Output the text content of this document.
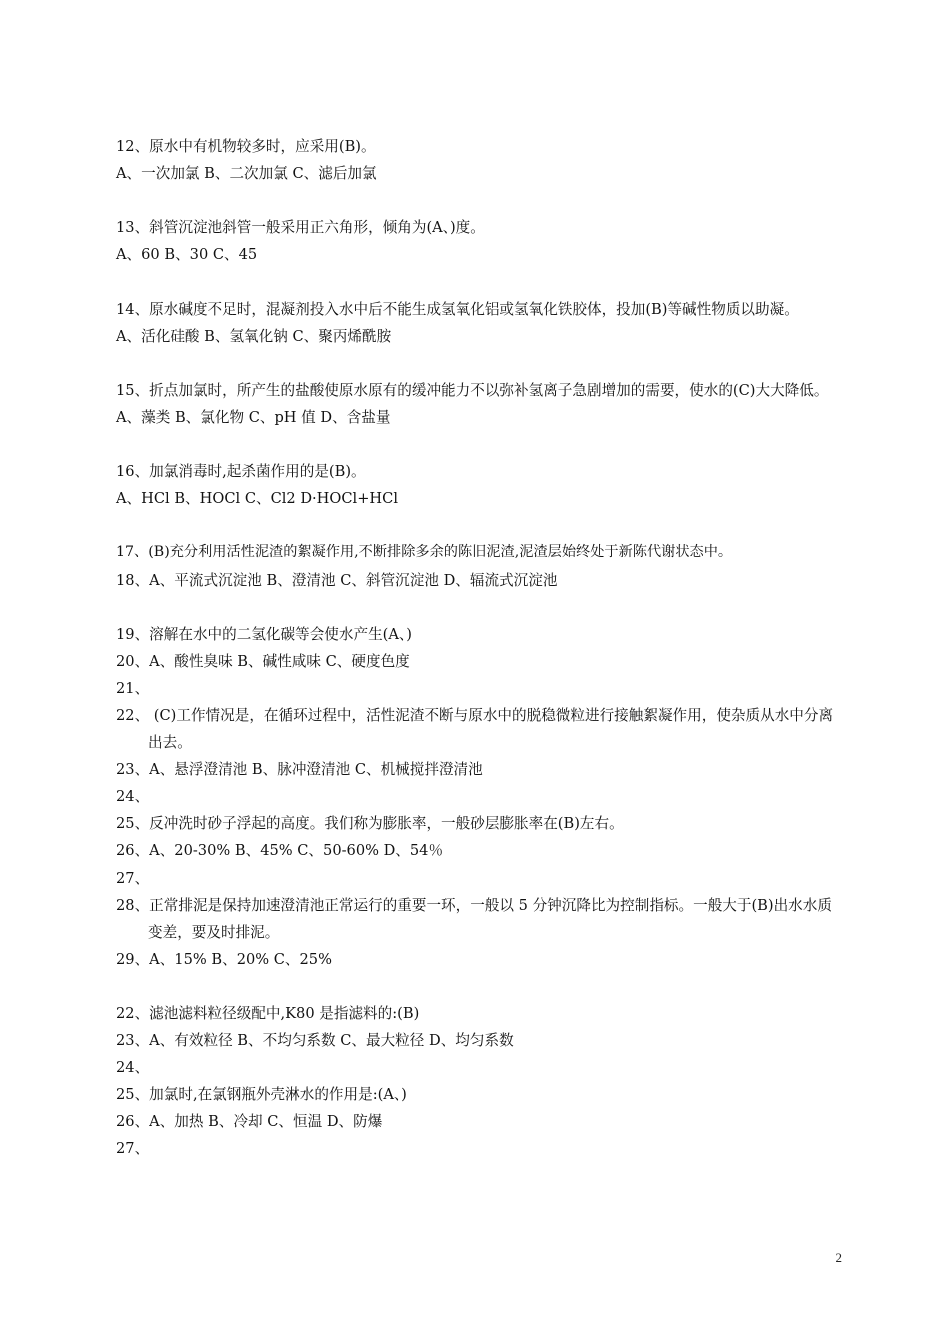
12、原水中有机物较多时，应采用(B)。
A、一次加氯 B、二次加氯 C、滤后加氯
13、斜管沉淀池斜管一般采用正六角形，倾角为(A、)度。
A、60 B、30 C、45
14、原水碱度不足时，混凝剂投入水中后不能生成氢氧化铝或氢氧化铁胶体，投加(B)等碱性物质以助凝。
A、活化硅酸 B、氢氧化钠 C、聚丙烯酰胺
15、折点加氯时，所产生的盐酸使原水原有的缓冲能力不以弥补氢离子急剧增加的需要，使水的(C)大大降低。
A、藻类 B、氯化物 C、pH 值 D、含盐量
16、加氯消毒时,起杀菌作用的是(B)。
A、HCl B、HOCl C、Cl2 D·HOCl+HCl
17、(B)充分利用活性泥渣的絮凝作用,不断排除多余的陈旧泥渣,泥渣层始终处于新陈代谢状态中。
18、A、平流式沉淀池 B、澄清池 C、斜管沉淀池 D、辐流式沉淀池
19、溶解在水中的二氢化碳等会使水产生(A、)
20、A、酸性臭味 B、碱性咸味 C、硬度色度
21、
22、 (C)工作情况是，在循环过程中，活性泥渣不断与原水中的脱稳微粒进行接触絮凝作用，使杂质从水中分离出去。
23、A、悬浮澄清池 B、脉冲澄清池 C、机械搅拌澄清池
24、
25、反冲洗时砂子浮起的高度。我们称为膨胀率，一般砂层膨胀率在(B)左右。
26、A、20-30% B、45% C、50-60% D、54％
27、
28、正常排泥是保持加速澄清池正常运行的重要一环，一般以 5 分钟沉降比为控制指标。一般大于(B)出水水质变差，要及时排泥。
29、A、15% B、20% C、25%
22、滤池滤料粒径级配中,K80 是指滤料的:(B)
23、A、有效粒径 B、不均匀系数 C、最大粒径 D、均匀系数
24、
25、加氯时,在氯钢瓶外壳淋水的作用是:(A、)
26、A、加热 B、冷却 C、恒温 D、防爆
27、
2
